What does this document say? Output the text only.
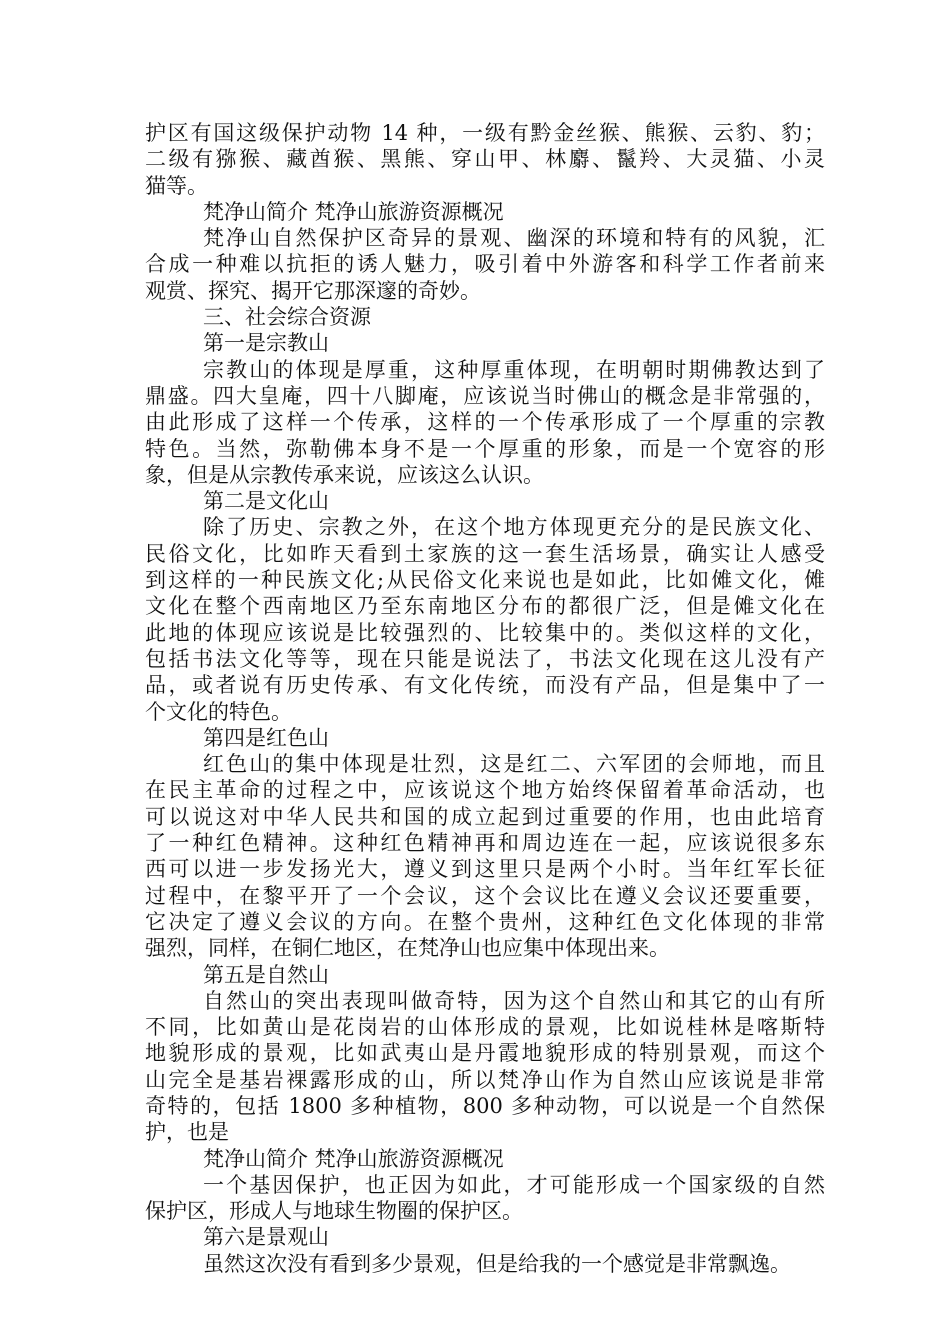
护区有国这级保护动物 14 种，一级有黔金丝猴、熊猴、云豹、豹；
二级有猕猴、藏酋猴、黑熊、穿山甲、林麝、鬣羚、大灵猫、小灵
猫等。
梵净山简介 梵净山旅游资源概况
梵净山自然保护区奇异的景观、幽深的环境和特有的风貌，汇
合成一种难以抗拒的诱人魅力，吸引着中外游客和科学工作者前来
观赏、探究、揭开它那深邃的奇妙。
三、社会综合资源
第一是宗教山
宗教山的体现是厚重，这种厚重体现，在明朝时期佛教达到了
鼎盛。四大皇庵，四十八脚庵，应该说当时佛山的概念是非常强的，
由此形成了这样一个传承，这样的一个传承形成了一个厚重的宗教
特色。当然，弥勒佛本身不是一个厚重的形象，而是一个宽容的形
象，但是从宗教传承来说，应该这么认识。
第二是文化山
除了历史、宗教之外，在这个地方体现更充分的是民族文化、
民俗文化，比如昨天看到土家族的这一套生活场景，确实让人感受
到这样的一种民族文化;从民俗文化来说也是如此，比如傩文化，傩
文化在整个西南地区乃至东南地区分布的都很广泛，但是傩文化在
此地的体现应该说是比较强烈的、比较集中的。类似这样的文化，
包括书法文化等等，现在只能是说法了，书法文化现在这儿没有产
品，或者说有历史传承、有文化传统，而没有产品，但是集中了一
个文化的特色。
第四是红色山
红色山的集中体现是壮烈，这是红二、六军团的会师地，而且
在民主革命的过程之中，应该说这个地方始终保留着革命活动，也
可以说这对中华人民共和国的成立起到过重要的作用，也由此培育
了一种红色精神。这种红色精神再和周边连在一起，应该说很多东
西可以进一步发扬光大，遵义到这里只是两个小时。当年红军长征
过程中，在黎平开了一个会议，这个会议比在遵义会议还要重要，
它决定了遵义会议的方向。在整个贵州，这种红色文化体现的非常
强烈，同样，在铜仁地区，在梵净山也应集中体现出来。
第五是自然山
自然山的突出表现叫做奇特，因为这个自然山和其它的山有所
不同，比如黄山是花岗岩的山体形成的景观，比如说桂林是喀斯特
地貌形成的景观，比如武夷山是丹霞地貌形成的特别景观，而这个
山完全是基岩裸露形成的山，所以梵净山作为自然山应该说是非常
奇特的，包括 1800 多种植物，800 多种动物，可以说是一个自然保
护，也是
梵净山简介 梵净山旅游资源概况
一个基因保护，也正因为如此，才可能形成一个国家级的自然
保护区，形成人与地球生物圈的保护区。
第六是景观山
虽然这次没有看到多少景观，但是给我的一个感觉是非常飘逸。
